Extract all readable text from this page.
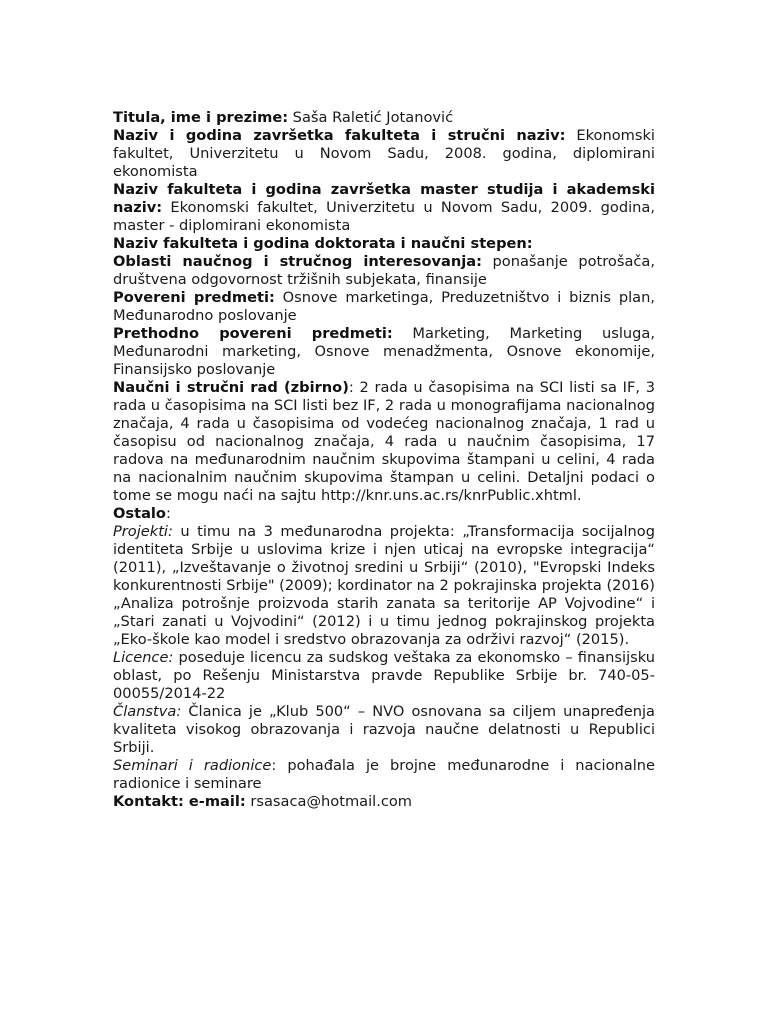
Titula, ime i prezime: Saša Raletić Jotanović

Naziv i godina završetka fakulteta i stručni naziv: Ekonomski fakultet, Univerzitetu u Novom Sadu, 2008. godina, diplomirani ekonomista

Naziv fakulteta i godina završetka master studija i akademski naziv: Ekonomski fakultet, Univerzitetu u Novom Sadu, 2009. godina, master - diplomirani ekonomista

Naziv fakulteta i godina doktorata i naučni stepen:

Oblasti naučnog i stručnog interesovanja: ponašanje potrošača, društvena odgovornost tržišnih subjekata, finansije

Povereni predmeti: Osnove marketinga, Preduzetništvo i biznis plan, Međunarodno poslovanje

Prethodno povereni predmeti: Marketing, Marketing usluga, Međunarodni marketing, Osnove menadžmenta, Osnove ekonomije, Finansijsko poslovanje

Naučni i stručni rad (zbirno): 2 rada u časopisima na SCI listi sa IF, 3 rada u časopisima na SCI listi bez IF, 2 rada u monografijama nacionalnog značaja, 4 rada u časopisima od vodećeg nacionalnog značaja, 1 rad u časopisu od nacionalnog značaja, 4 rada u naučnim časopisima, 17 radova na međunarodnim naučnim skupovima štampani u celini, 4 rada na nacionalnim naučnim skupovima štampan u celini. Detaljni podaci o tome se mogu naći na sajtu http://knr.uns.ac.rs/knrPublic.xhtml.

Ostalo:

Projekti: u timu na 3 međunarodna projekta: „Transformacija socijalnog identiteta Srbije u uslovima krize i njen uticaj na evropske integracija“ (2011), „Izveštavanje o životnoj sredini u Srbiji“ (2010), "Evropski Indeks konkurentnosti Srbije" (2009); kordinator na 2 pokrajinska projekta (2016) „Analiza potrošnje proizvoda starih zanata sa teritorije AP Vojvodine“ i „Stari zanati u Vojvodini“ (2012) i u timu jednog pokrajinskog projekta „Eko-škole kao model i sredstvo obrazovanja za održivi razvoj“ (2015).

Licence: poseduje licencu za sudskog veštaka za ekonomsko – finansijsku oblast, po Rešenju Ministarstva pravde Republike Srbije br. 740-05-00055/2014-22

Članstva: Članica je „Klub 500“ – NVO osnovana sa ciljem unapređenja kvaliteta visokog obrazovanja i razvoja naučne delatnosti u Republici Srbiji.

Seminari i radionice: pohađala je brojne međunarodne i nacionalne radionice i seminare

Kontakt: e-mail: rsasaca@hotmail.com
